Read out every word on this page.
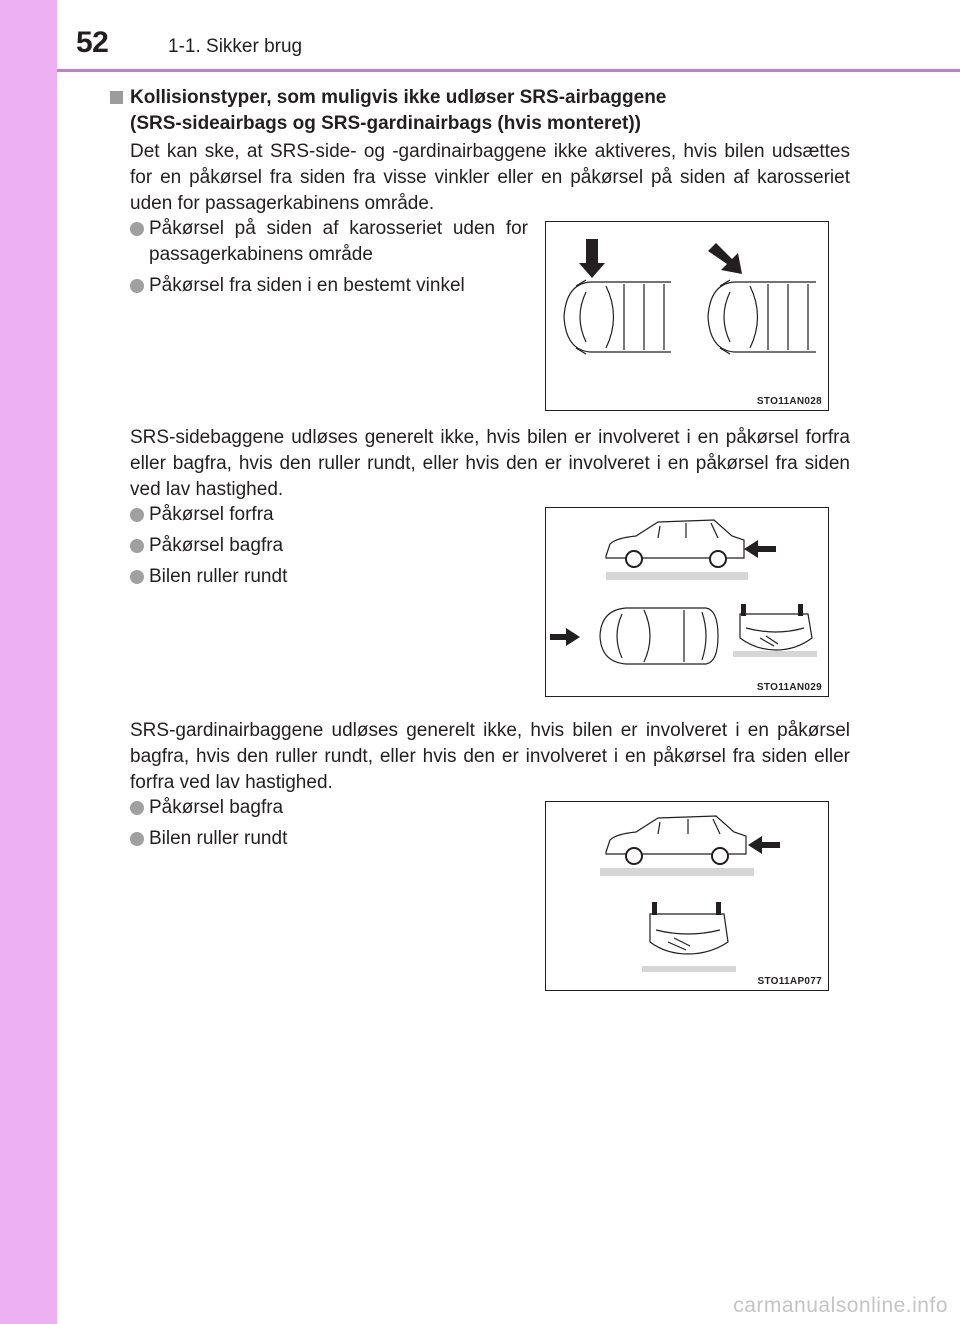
52	1-1. Sikker brug
Kollisionstyper, som muligvis ikke udløser SRS-airbaggene
(SRS-sideairbags og SRS-gardinairbags (hvis monteret))
Det kan ske, at SRS-side- og -gardinairbaggene ikke aktiveres, hvis bilen udsættes for en påkørsel fra siden fra visse vinkler eller en påkørsel på siden af karosseriet uden for passagerkabinens område.
Påkørsel på siden af karosseriet uden for passagerkabinens område
Påkørsel fra siden i en bestemt vinkel
STO11AN028
SRS-sidebaggene udløses generelt ikke, hvis bilen er involveret i en påkørsel forfra eller bagfra, hvis den ruller rundt, eller hvis den er involveret i en påkørsel fra siden ved lav hastighed.
Påkørsel forfra
Påkørsel bagfra
Bilen ruller rundt
STO11AN029
SRS-gardinairbaggene udløses generelt ikke, hvis bilen er involveret i en påkørsel bagfra, hvis den ruller rundt, eller hvis den er involveret i en påkørsel fra siden eller forfra ved lav hastighed.
Påkørsel bagfra
Bilen ruller rundt
STO11AP077
carmanualsonline.info
